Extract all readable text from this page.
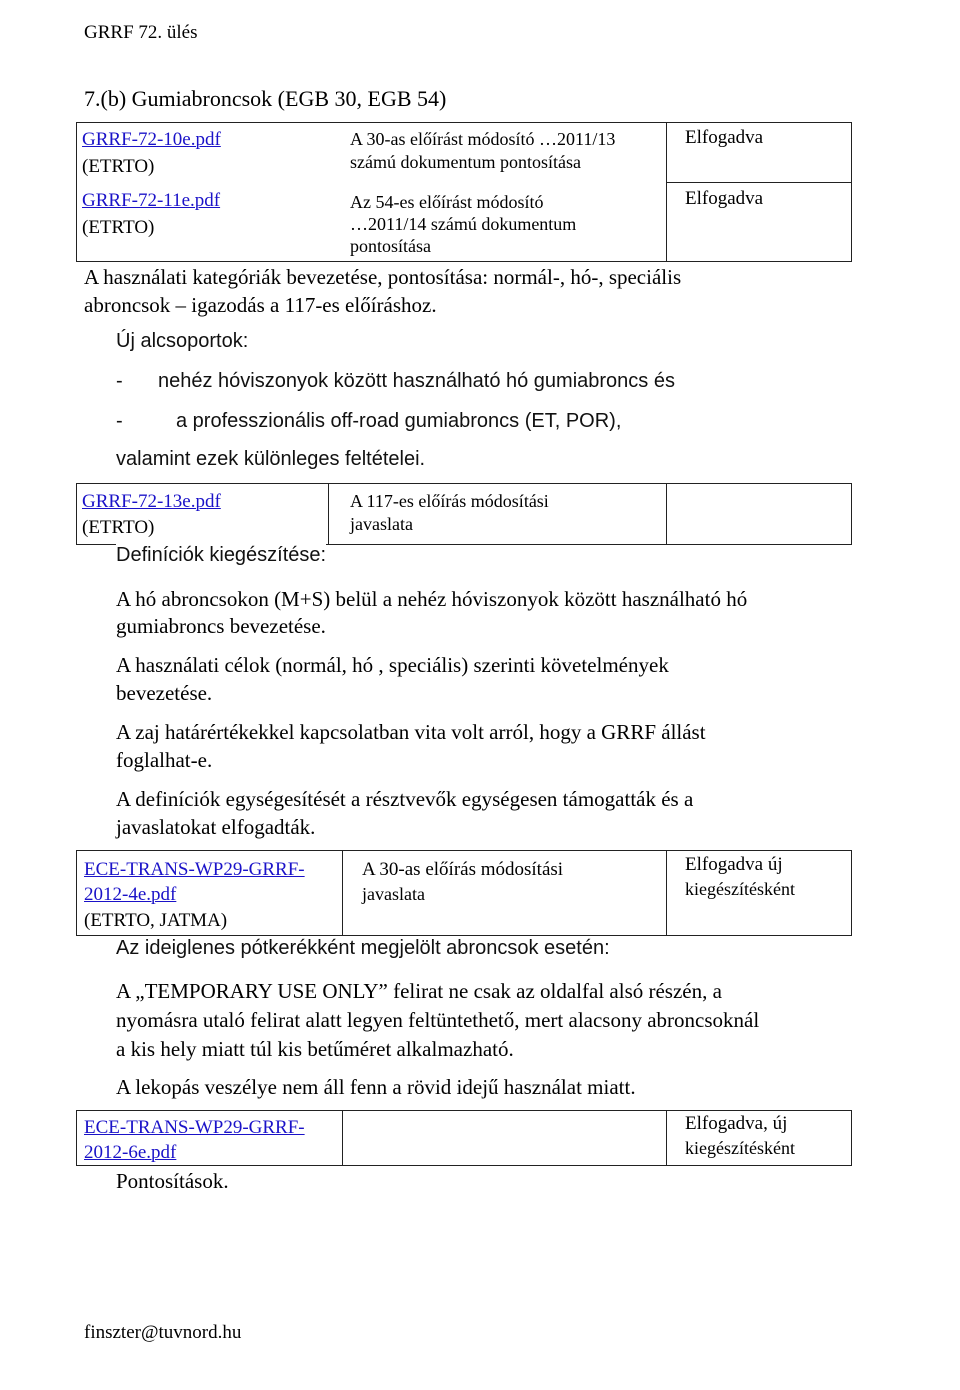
GRRF 72. ülés
7.(b) Gumiabroncsok (EGB 30, EGB 54)
GRRF-72-10e.pdf
(ETRTO)
A 30-as előírást módosító …2011/13
számú dokumentum pontosítása
Elfogadva
GRRF-72-11e.pdf
(ETRTO)
Az 54-es előírást módosító
…2011/14 számú dokumentum
pontosítása
Elfogadva
A használati kategóriák bevezetése, pontosítása: normál-, hó-, speciális
abroncsok – igazodás a 117-es előíráshoz.
Új alcsoportok:
- nehéz hóviszonyok között használható hó gumiabroncs és
-	a professzionális off-road gumiabroncs (ET, POR),
valamint ezek különleges feltételei.
GRRF-72-13e.pdf
(ETRTO)
A 117-es előírás módosítási
javaslata
Definíciók kiegészítése:
A hó abroncsokon (M+S) belül a nehéz hóviszonyok között használható hó
gumiabroncs bevezetése.
A használati célok (normál, hó , speciális) szerinti követelmények
bevezetése.
A zaj határértékekkel kapcsolatban vita volt arról, hogy a GRRF állást
foglalhat-e.
A definíciók egységesítését a résztvevők egységesen támogatták és a
javaslatokat elfogadták.
ECE-TRANS-WP29-GRRF-
2012-4e.pdf
(ETRTO, JATMA)
A 30-as előírás módosítási
javaslata
Elfogadva új
kiegészítésként
Az ideiglenes pótkerékként megjelölt abroncsok esetén:
A „TEMPORARY USE ONLY” felirat ne csak az oldalfal alsó részén, a
nyomásra utaló felirat alatt legyen feltüntethető, mert alacsony abroncsoknál
a kis hely miatt túl kis betűméret alkalmazható.
A lekopás veszélye nem áll fenn a rövid idejű használat miatt.
ECE-TRANS-WP29-GRRF-
2012-6e.pdf
Elfogadva, új
kiegészítésként
Pontosítások.
finszter@tuvnord.hu
